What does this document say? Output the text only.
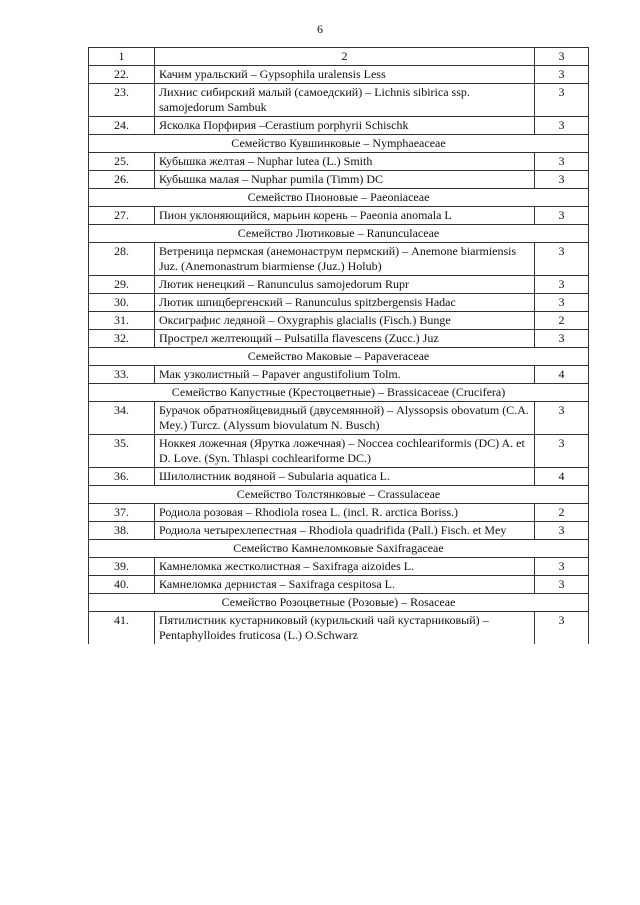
6
1	2	3
22.	Качим уральский – Gypsophila uralensis Less	3
23.	Лихнис сибирский малый (самоедский) – Lichnis sibirica ssp. samojedorum Sambuk	3
24.	Ясколка Порфирия –Cerastium porphyrii Schischk	3
Семейство Кувшинковые – Nymphaeaceae		
25.	Кубышка желтая – Nuphar lutea (L.) Smith	3
26.	Кубышка малая – Nuphar pumila (Timm) DC	3
Семейство Пионовые – Paeoniaceae		
27.	Пион уклоняющийся, марьин корень – Paeonia anomala L	3
Семейство Лютиковые – Ranunculaceae		
28.	Ветреница пермская (анемонаструм пермский) – Anemone biarmiensis Juz. (Anemonastrum biarmiense (Juz.) Holub)	3
29.	Лютик ненецкий – Ranunculus samojedorum Rupr	3
30.	Лютик шпицбергенский – Ranunculus spitzbergensis Hadac	3
31.	Оксиграфис ледяной – Oxygraphis glacialis (Fisch.) Bunge	2
32.	Прострел желтеющий – Pulsatilla flavescens (Zucc.) Juz	3
Семейство Маковые – Papaveraceae		
33.	Мак узколистный – Papaver angustifolium Tolm.	4
Семейство Капустные (Крестоцветные) – Brassicaceae (Crucifera)		
34.	Бурачок обратнояйцевидный (двусемянной) – Alyssopsis obovatum (C.A. Mey.) Turcz. (Alyssum biovulatum N. Busch)	3
35.	Ноккея ложечная (Ярутка ложечная) – Noccea cochleariformis (DC) A. et D. Love. (Syn. Thlaspi cochleariforme DC.)	3
36.	Шилолистник водяной – Subularia aquatica L.	4
Семейство Толстянковые – Crassulaceae		
37.	Родиола розовая – Rhodiola rosea L. (incl. R. arctica Boriss.)	2
38.	Родиола четырехлепестная – Rhodiola quadrifida (Pall.) Fisch. et Mey	3
Семейство Камнеломковые Saxifragaceae		
39.	Камнеломка жестколистная – Saxifraga aizoides L.	3
40.	Камнеломка дернистая – Saxifraga cespitosa L.	3
Семейство Розоцветные (Розовые) – Rosaceae		
41.	Пятилистник кустарниковый (курильский чай кустарниковый) – Pentaphylloides fruticosa (L.) O.Schwarz	3
